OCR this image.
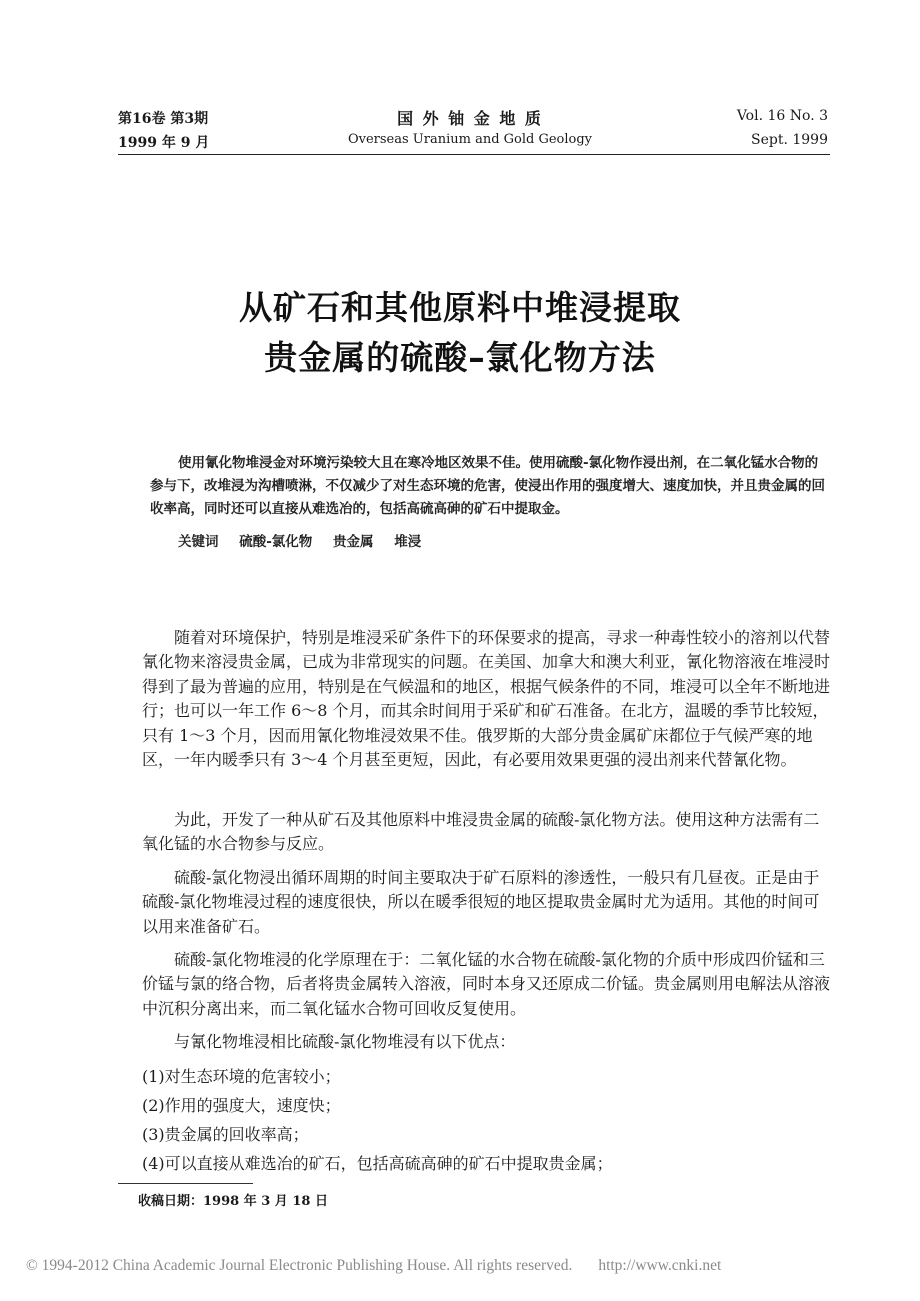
第16卷 第3期
1999 年 9 月
国 外 铀 金 地 质
Overseas Uranium and Gold Geology
Vol. 16 No. 3
Sept. 1999
从矿石和其他原料中堆浸提取
贵金属的硫酸–氯化物方法

使用氰化物堆浸金对环境污染较大且在寒冷地区效果不佳。使用硫酸-氯化物作浸出剂，在二氧化锰水合物的参与下，改堆浸为沟槽喷淋，不仅减少了对生态环境的危害，使浸出作用的强度增大、速度加快，并且贵金属的回收率高，同时还可以直接从难选冶的，包括高硫高砷的矿石中提取金。

关键词 硫酸-氯化物 贵金属 堆浸

随着对环境保护，特别是堆浸采矿条件下的环保要求的提高，寻求一种毒性较小的溶剂以代替氰化物来溶浸贵金属，已成为非常现实的问题。在美国、加拿大和澳大利亚，氰化物溶液在堆浸时得到了最为普遍的应用，特别是在气候温和的地区，根据气候条件的不同，堆浸可以全年不断地进行；也可以一年工作 6～8 个月，而其余时间用于采矿和矿石准备。在北方，温暖的季节比较短，只有 1～3 个月，因而用氰化物堆浸效果不佳。俄罗斯的大部分贵金属矿床都位于气候严寒的地区，一年内暖季只有 3～4 个月甚至更短，因此，有必要用效果更强的浸出剂来代替氰化物。

为此，开发了一种从矿石及其他原料中堆浸贵金属的硫酸-氯化物方法。使用这种方法需有二氧化锰的水合物参与反应。

硫酸-氯化物浸出循环周期的时间主要取决于矿石原料的渗透性，一般只有几昼夜。正是由于硫酸-氯化物堆浸过程的速度很快，所以在暖季很短的地区提取贵金属时尤为适用。其他的时间可以用来准备矿石。

硫酸-氯化物堆浸的化学原理在于：二氧化锰的水合物在硫酸-氯化物的介质中形成四价锰和三价锰与氯的络合物，后者将贵金属转入溶液，同时本身又还原成二价锰。贵金属则用电解法从溶液中沉积分离出来，而二氧化锰水合物可回收反复使用。

与氰化物堆浸相比硫酸-氯化物堆浸有以下优点：

(1)对生态环境的危害较小；
(2)作用的强度大，速度快；
(3)贵金属的回收率高；
(4)可以直接从难选冶的矿石，包括高硫高砷的矿石中提取贵金属；
收稿日期：1998 年 3 月 18 日
© 1994-2012 China Academic Journal Electronic Publishing House. All rights reserved. http://www.cnki.net
